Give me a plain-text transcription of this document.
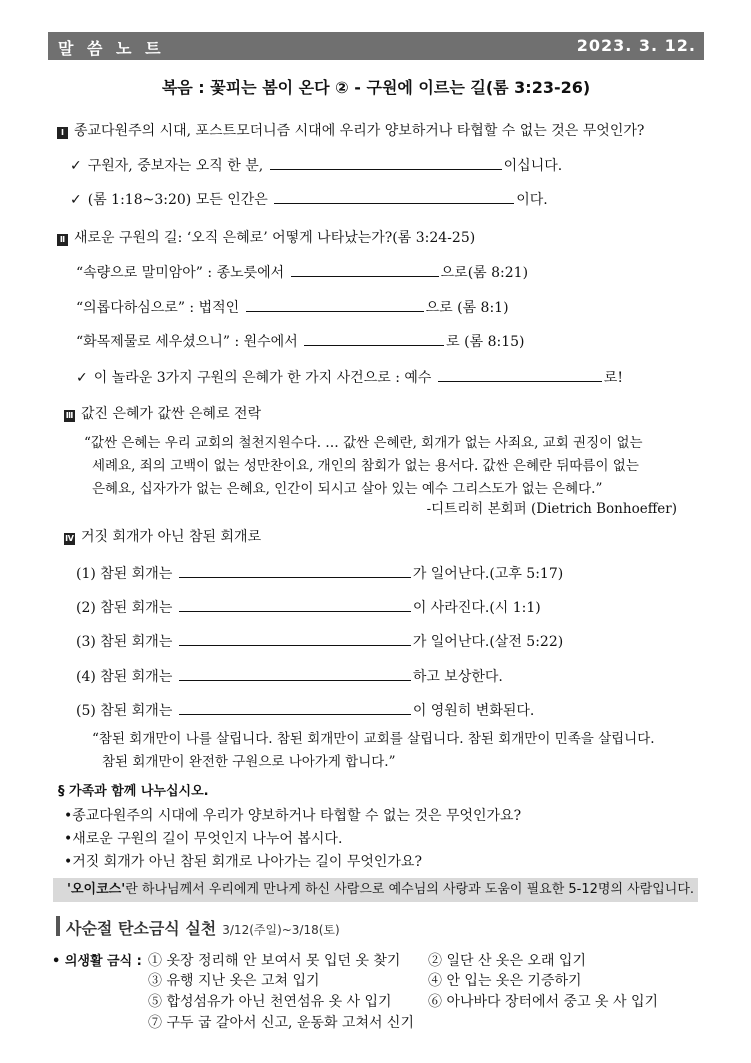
말 씀 노 트	2023. 3. 12.
복음 : 꽃피는 봄이 온다 ② - 구원에 이르는 길(롬 3:23-26)
Ⅰ 종교다원주의 시대, 포스트모더니즘 시대에 우리가 양보하거나 타협할 수 없는 것은 무엇인가?
✓ 구원자, 중보자는 오직 한 분,	이십니다.
✓ (롬 1:18~3:20) 모든 인간은	이다.
Ⅱ 새로운 구원의 길: ‘오직 은혜로’ 어떻게 나타났는가?(롬 3:24-25)
“속량으로 말미암아” : 종노릇에서	으로(롬 8:21)
“의롭다하심으로” : 법적인	으로 (롬 8:1)
“화목제물로 세우셨으니” : 원수에서	로 (롬 8:15)
✓ 이 놀라운 3가지 구원의 은혜가 한 가지 사건으로 : 예수	로!
Ⅲ 값진 은혜가 값싼 은혜로 전락
“값싼 은혜는 우리 교회의 철천지원수다. … 값싼 은혜란, 회개가 없는 사죄요, 교회 권징이 없는
세례요, 죄의 고백이 없는 성만찬이요, 개인의 참회가 없는 용서다. 값싼 은혜란 뒤따름이 없는
은혜요, 십자가가 없는 은혜요, 인간이 되시고 살아 있는 예수 그리스도가 없는 은혜다.”
-디트리히 본회퍼 (Dietrich Bonhoeffer)
Ⅳ 거짓 회개가 아닌 참된 회개로
(1) 참된 회개는	가 일어난다.(고후 5:17)
(2) 참된 회개는	이 사라진다.(시 1:1)
(3) 참된 회개는	가 일어난다.(살전 5:22)
(4) 참된 회개는	하고 보상한다.
(5) 참된 회개는	이 영원히 변화된다.
“참된 회개만이 나를 살립니다. 참된 회개만이 교회를 살립니다. 참된 회개만이 민족을 살립니다.
참된 회개만이 완전한 구원으로 나아가게 합니다.”
§ 가족과 함께 나누십시오.
•종교다원주의 시대에 우리가 양보하거나 타협할 수 없는 것은 무엇인가요?
•새로운 구원의 길이 무엇인지 나누어 봅시다.
•거짓 회개가 아닌 참된 회개로 나아가는 길이 무엇인가요?
'오이코스'란 하나님께서 우리에게 만나게 하신 사람으로 예수님의 사랑과 도움이 필요한 5-12명의 사람입니다.
사순절 탄소금식 실천 3/12(주일)~3/18(토)
• 의생활 금식 : ① 옷장 정리해 안 보여서 못 입던 옷 찾기 ② 일단 산 옷은 오래 입기
③ 유행 지난 옷은 고쳐 입기	④ 안 입는 옷은 기증하기
⑤ 합성섬유가 아닌 천연섬유 옷 사 입기	⑥ 아나바다 장터에서 중고 옷 사 입기
⑦ 구두 굽 갈아서 신고, 운동화 고쳐서 신기
